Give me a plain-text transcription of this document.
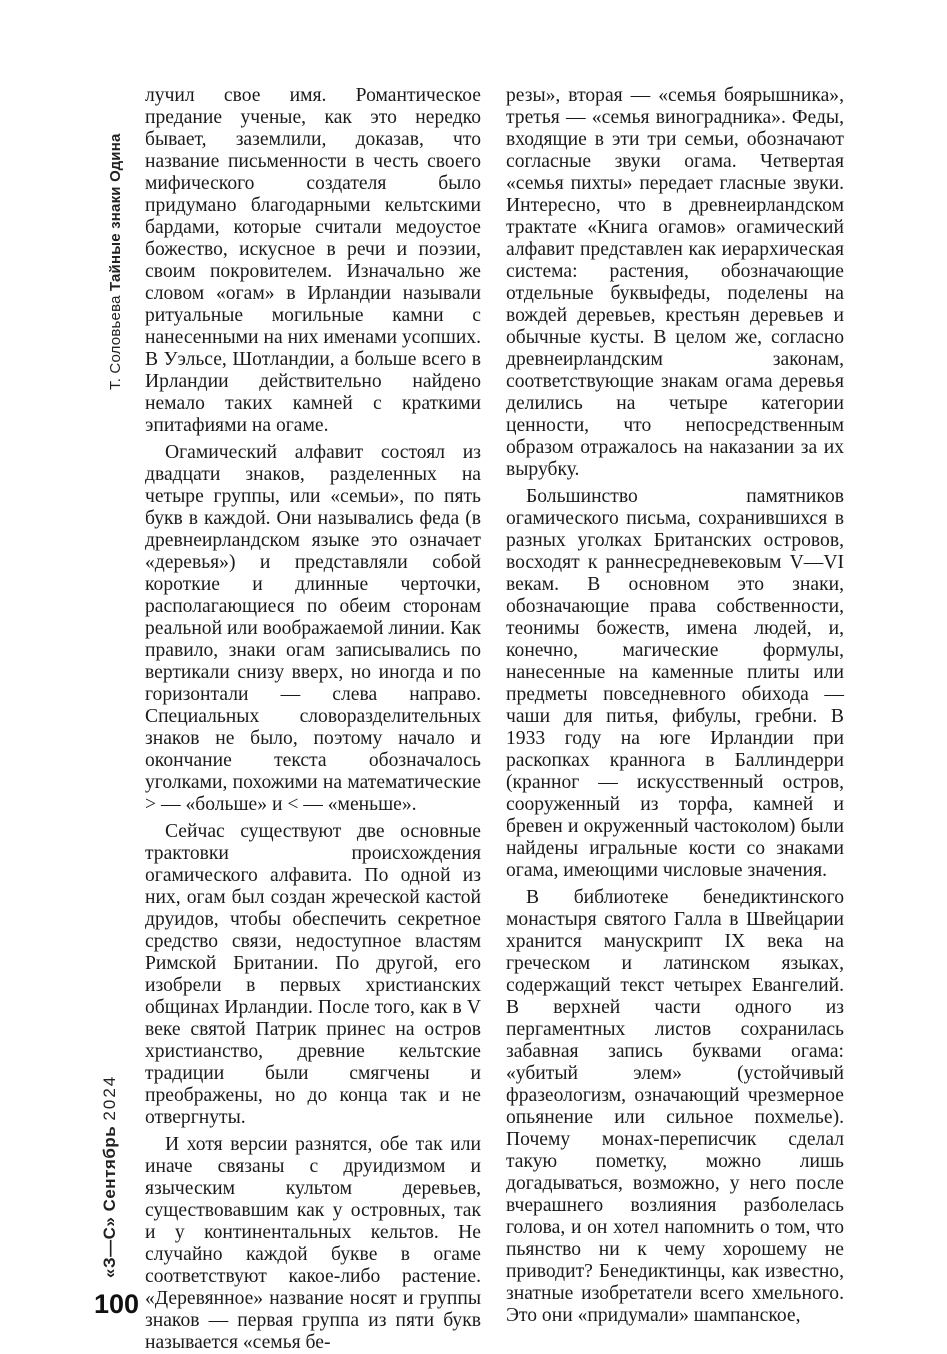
Т. Соловьева Тайные знаки Одина
«З—С» Сентябрь 2024
100

лучил свое имя. Романтическое предание ученые, как это нередко бывает, заземлили, доказав, что название письменности в честь своего мифического создателя было придумано благодарными кельтскими бардами, которые считали медоустое божество, искусное в речи и поэзии, своим покровителем. Изначально же словом «огам» в Ирландии называли ритуальные могильные камни с нанесенными на них именами усопших. В Уэльсе, Шотландии, а больше всего в Ирландии действительно найдено немало таких камней с краткими эпитафиями на огаме.

Огамический алфавит состоял из двадцати знаков, разделенных на четыре группы, или «семьи», по пять букв в каждой. Они назывались феда (в древнеирландском языке это означает «деревья») и представляли собой короткие и длинные черточки, располагающиеся по обеим сторонам реальной или воображаемой линии. Как правило, знаки огам записывались по вертикали снизу вверх, но иногда и по горизонтали — слева направо. Специальных словоразделительных знаков не было, поэтому начало и окончание текста обозначалось уголками, похожими на математические > — «больше» и < — «меньше».

Сейчас существуют две основные трактовки происхождения огамического алфавита. По одной из них, огам был создан жреческой кастой друидов, чтобы обеспечить секретное средство связи, недоступное властям Римской Британии. По другой, его изобрели в первых христианских общинах Ирландии. После того, как в V веке святой Патрик принес на остров христианство, древние кельтские традиции были смягчены и преображены, но до конца так и не отвергнуты.

И хотя версии разнятся, обе так или иначе связаны с друидизмом и языческим культом деревьев, существовавшим как у островных, так и у континентальных кельтов. Не случайно каждой букве в огаме соответствуют какое-либо растение. «Деревянное» название носят и группы знаков — первая группа из пяти букв называется «семья бе-

резы», вторая — «семья боярышника», третья — «семья виноградника». Феды, входящие в эти три семьи, обозначают согласные звуки огама. Четвертая «семья пихты» передает гласные звуки. Интересно, что в древнеирландском трактате «Книга огамов» огамический алфавит представлен как иерархическая система: растения, обозначающие отдельные буквыфеды, поделены на вождей деревьев, крестьян деревьев и обычные кусты. В целом же, согласно древнеирландским законам, соответствующие знакам огама деревья делились на четыре категории ценности, что непосредственным образом отражалось на наказании за их вырубку.

Большинство памятников огамического письма, сохранившихся в разных уголках Британских островов, восходят к раннесредневековым V—VI векам. В основном это знаки, обозначающие права собственности, теонимы божеств, имена людей, и, конечно, магические формулы, нанесенные на каменные плиты или предметы повседневного обихода — чаши для питья, фибулы, гребни. В 1933 году на юге Ирландии при раскопках кранногa в Баллиндерри (кранног — искусственный остров, сооруженный из торфа, камней и бревен и окруженный частоколом) были найдены игральные кости со знаками огама, имеющими числовые значения.

В библиотеке бенедиктинского монастыря святого Галла в Швейцарии хранится манускрипт IX века на греческом и латинском языках, содержащий текст четырех Евангелий. В верхней части одного из пергаментных листов сохранилась забавная запись буквами огама: «убитый элем» (устойчивый фразеологизм, означающий чрезмерное опьянение или сильное похмелье). Почему монах-переписчик сделал такую пометку, можно лишь догадываться, возможно, у него после вчерашнего возлияния разболелась голова, и он хотел напомнить о том, что пьянство ни к чему хорошему не приводит? Бенедиктинцы, как известно, знатные изобретатели всего хмельного. Это они «придумали» шампанское,
